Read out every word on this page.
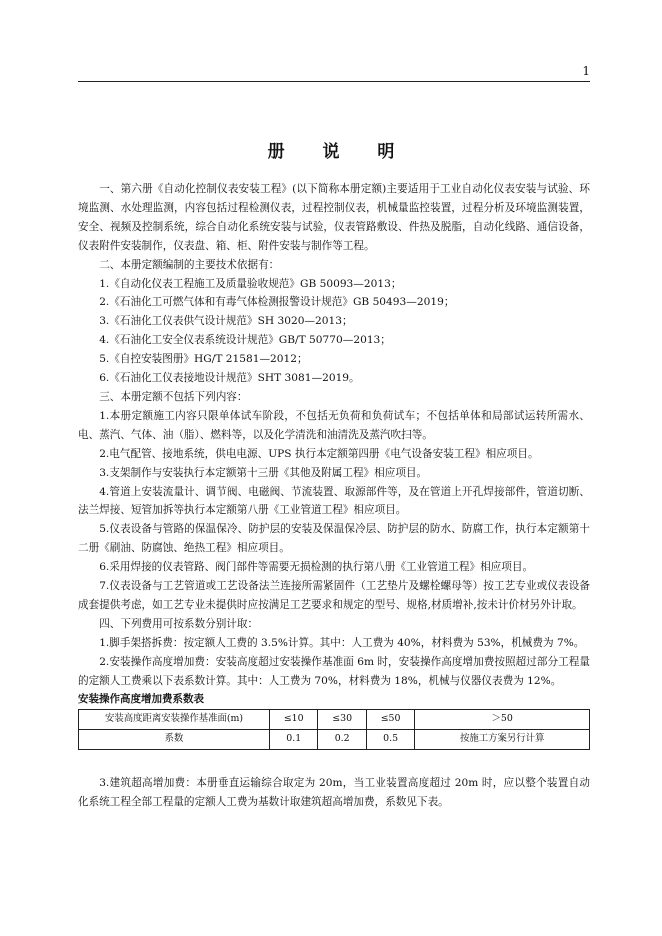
1
册 说 明

一、第六册《自动化控制仪表安装工程》(以下简称本册定额)主要适用于工业自动化仪表安装与试验、环境监测、水处理监测，内容包括过程检测仪表，过程控制仪表，机械量监控装置，过程分析及环境监测装置，安全、视频及控制系统，综合自动化系统安装与试验，仪表管路敷设、件热及脱脂，自动化线路、通信设备，仪表附件安装制作，仪表盘、箱、柜、附件安装与制作等工程。

二、本册定额编制的主要技术依据有：

1.《自动化仪表工程施工及质量验收规范》GB 50093—2013；

2.《石油化工可燃气体和有毒气体检测报警设计规范》GB 50493—2019；

3.《石油化工仪表供气设计规范》SH 3020—2013；

4.《石油化工安全仪表系统设计规范》GB/T 50770—2013；

5.《自控安装图册》HG/T 21581—2012；

6.《石油化工仪表接地设计规范》SHT 3081—2019。

三、本册定额不包括下列内容：

1.本册定额施工内容只限单体试车阶段，不包括无负荷和负荷试车；不包括单体和局部试运转所需水、电、蒸汽、气体、油（脂）、燃料等，以及化学清洗和油清洗及蒸汽吹扫等。

2.电气配管、接地系统，供电电源、UPS 执行本定额第四册《电气设备安装工程》相应项目。

3.支架制作与安装执行本定额第十三册《其他及附属工程》相应项目。

4.管道上安装流量计、调节阀、电磁阀、节流装置、取源部件等，及在管道上开孔焊接部件，管道切断、法兰焊接、短管加拆等执行本定额第八册《工业管道工程》相应项目。

5.仪表设备与管路的保温保冷、防护层的安装及保温保冷层、防护层的防水、防腐工作，执行本定额第十二册《刷油、防腐蚀、绝热工程》相应项目。

6.采用焊接的仪表管路、阀门部件等需要无损检测的执行第八册《工业管道工程》相应项目。

7.仪表设备与工艺管道或工艺设备法兰连接所需紧固件（工艺垫片及螺栓螺母等）按工艺专业或仪表设备成套提供考虑，如工艺专业未提供时应按满足工艺要求和规定的型号、规格,材质增补,按未计价材另外计取。

四、下列费用可按系数分别计取：

1.脚手架搭拆费：按定额人工费的 3.5%计算。其中：人工费为 40%，材料费为 53%，机械费为 7%。

2.安装操作高度增加费：安装高度超过安装操作基准面 6m 时，安装操作高度增加费按照超过部分工程量的定额人工费乘以下表系数计算。其中：人工费为 70%，材料费为 18%，机械与仪器仪表费为 12%。

安装操作高度增加费系数表

安装高度距离安装操作基准面(m)	≤10	≤30	≤50	＞50
系数	0.1	0.2	0.5	按施工方案另行计算

3.建筑超高增加费：本册垂直运输综合取定为 20m，当工业装置高度超过 20m 时，应以整个装置自动化系统工程全部工程量的定额人工费为基数计取建筑超高增加费，系数见下表。
